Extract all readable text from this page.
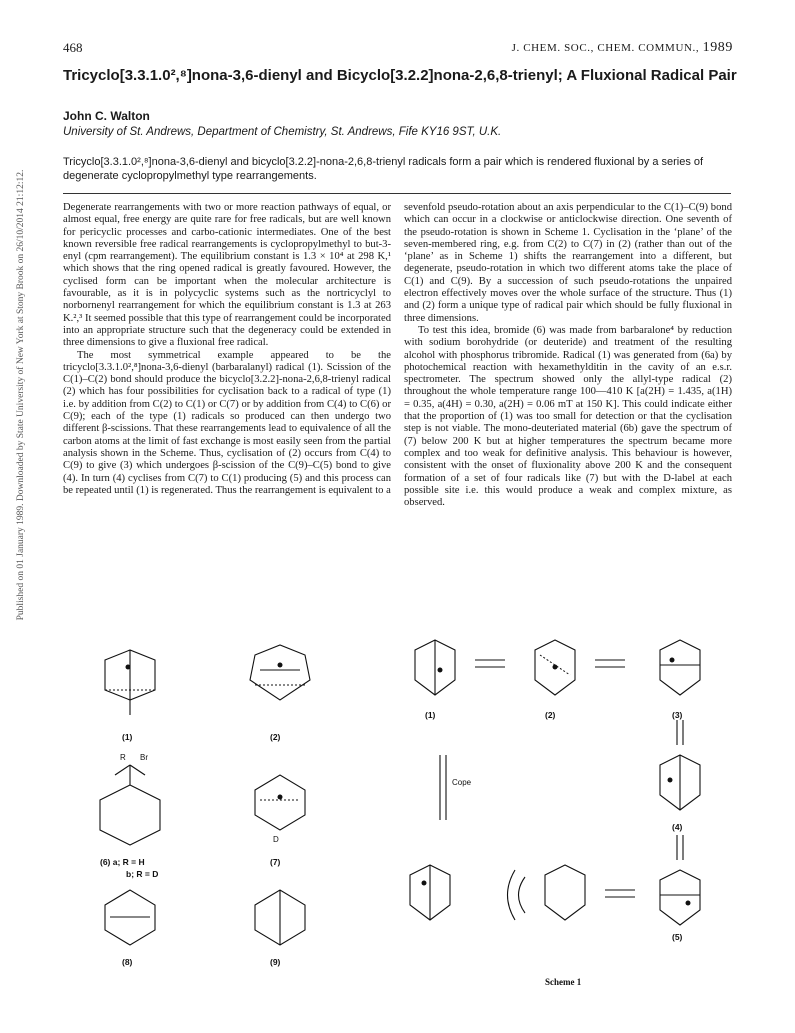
Published on 01 January 1989. Downloaded by State University of New York at Stony Brook on 26/10/2014 21:12:12.
468	J. CHEM. SOC., CHEM. COMMUN., 1989
Tricyclo[3.3.1.0²,⁸]nona-3,6-dienyl and Bicyclo[3.2.2]nona-2,6,8-trienyl; A Fluxional Radical Pair
John C. Walton
University of St. Andrews, Department of Chemistry, St. Andrews, Fife KY16 9ST, U.K.
Tricyclo[3.3.1.0²,⁸]nona-3,6-dienyl and bicyclo[3.2.2]-nona-2,6,8-trienyl radicals form a pair which is rendered fluxional by a series of degenerate cyclopropylmethyl type rearrangements.

Degenerate rearrangements with two or more reaction pathways of equal, or almost equal, free energy are quite rare for free radicals, but are well known for pericyclic processes and carbo-cationic intermediates. One of the best known reversible free radical rearrangements is cyclopropylmethyl to but-3-enyl (cpm rearrangement). The equilibrium constant is 1.3 × 10⁴ at 298 K,¹ which shows that the ring opened radical is greatly favoured. However, the cyclised form can be important when the molecular architecture is favourable, as it is in polycyclic systems such as the nortricyclyl to norbornenyl rearrangement for which the equilibrium constant is 1.3 at 263 K.²,³ It seemed possible that this type of rearrangement could be incorporated into an appropriate structure such that the degeneracy could be extended in three dimensions to give a fluxional free radical.

The most symmetrical example appeared to be the tricyclo[3.3.1.0²,⁸]nona-3,6-dienyl (barbaralanyl) radical (1). Scission of the C(1)–C(2) bond should produce the bicyclo[3.2.2]-nona-2,6,8-trienyl radical (2) which has four possibilities for cyclisation back to a radical of type (1) i.e. by addition from C(2) to C(1) or C(7) or by addition from C(4) to C(6) or C(9); each of the type (1) radicals so produced can then undergo two different β-scissions. That these rearrangements lead to equivalence of all the carbon atoms at the limit of fast exchange is most easily seen from the partial analysis shown in the Scheme. Thus, cyclisation of (2) occurs from C(4) to C(9) to give (3) which undergoes β-scission of the C(9)–C(5) bond to give (4). In turn (4) cyclises from C(7) to C(1) producing (5) and this process can be repeated until (1) is regenerated. Thus the rearrangement is equivalent to a

sevenfold pseudo-rotation about an axis perpendicular to the C(1)–C(9) bond which can occur in a clockwise or anticlockwise direction. One seventh of the pseudo-rotation is shown in Scheme 1. Cyclisation in the ‘plane’ of the seven-membered ring, e.g. from C(2) to C(7) in (2) (rather than out of the ‘plane’ as in Scheme 1) shifts the rearrangement into a different, but degenerate, pseudo-rotation in which two different atoms take the place of C(1) and C(9). By a succession of such pseudo-rotations the unpaired electron effectively moves over the whole surface of the structure. Thus (1) and (2) form a unique type of radical pair which should be fully fluxional in three dimensions.

To test this idea, bromide (6) was made from barbaralone⁴ by reduction with sodium borohydride (or deuteride) and treatment of the resulting alcohol with phosphorus tribromide. Radical (1) was generated from (6a) by photochemical reaction with hexamethylditin in the cavity of an e.s.r. spectrometer. The spectrum showed only the allyl-type radical (2) throughout the whole temperature range 100—410 K [a(2H) = 1.435, a(1H) = 0.35, a(4H) = 0.30, a(2H) = 0.06 mT at 150 K]. This could indicate either that the proportion of (1) was too small for detection or that the cyclisation step is not viable. The mono-deuteriated material (6b) gave the spectrum of (7) below 200 K but at higher temperatures the spectrum became more complex and too weak for definitive analysis. This behaviour is however, consistent with the onset of fluxionality above 200 K and the consequent formation of a set of four radicals like (7) but with the D-label at each possible site i.e. this would produce a weak and complex mixture, as observed.

(1)	(2)
R Br
(6) a; R = H
b; R = D
D
(7)
(8)	(9)
(1)	(2)	(3)
(4)
(5)
Cope
Scheme 1
